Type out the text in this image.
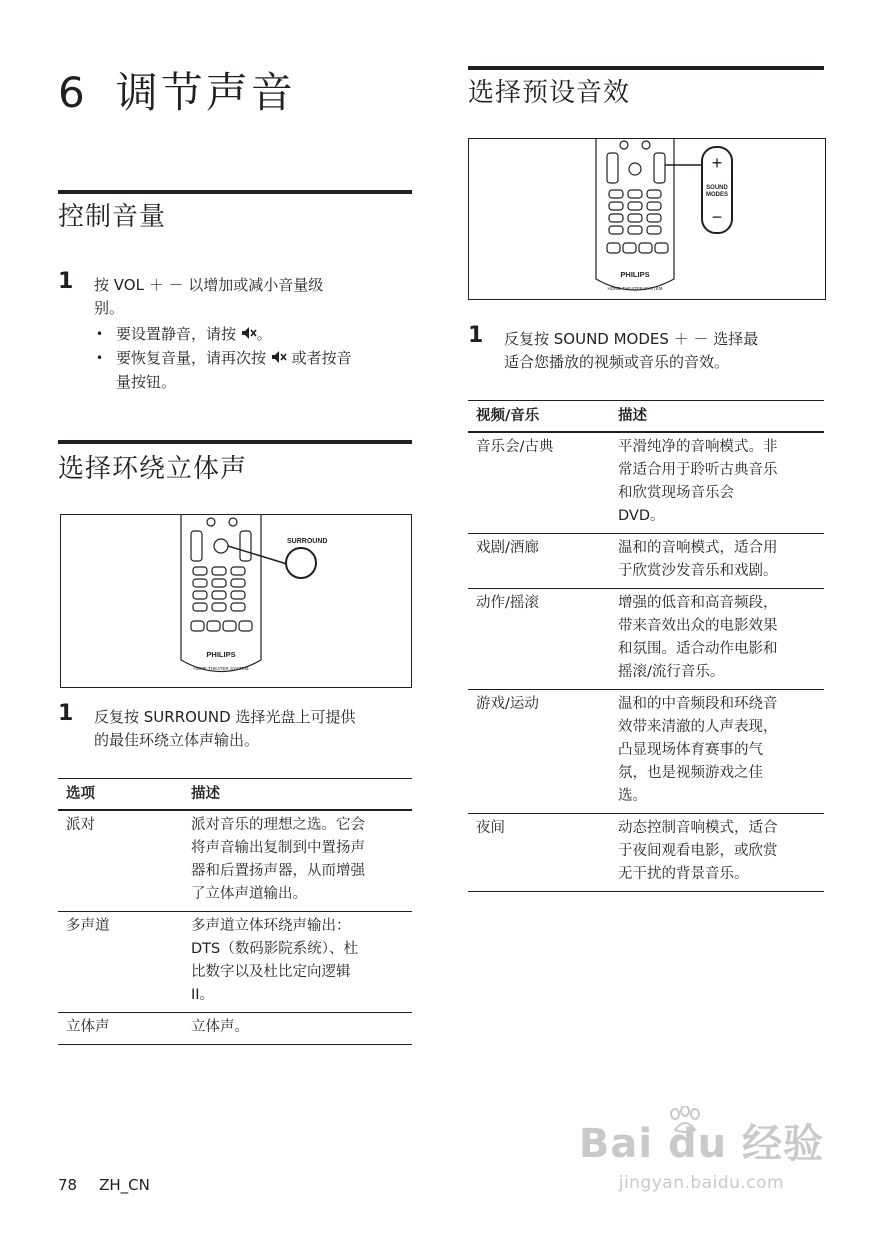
6 调节声音
控制音量
1 按 VOL ＋ － 以增加或减小音量级
别。
• 要设置静音，请按 。
• 要恢复音量，请再次按 或者按音
量按钮。
选择环绕立体声
SURROUND
PHILIPS
HOME THEATER SYSTEM
1 反复按 SURROUND 选择光盘上可提供
的最佳环绕立体声输出。
选项	描述
派对	派对音乐的理想之选。它会
将声音输出复制到中置扬声
器和后置扬声器，从而增强
了立体声道输出。

多声道	多声道立体环绕声输出：
DTS（数码影院系统）、杜
比数字以及杜比定向逻辑
II。

立体声	立体声。
选择预设音效
+
SOUND
MODES
−
PHILIPS
HOME THEATER SYSTEM
1 反复按 SOUND MODES ＋ － 选择最
适合您播放的视频或音乐的音效。
视频/音乐	描述
音乐会/古典	平滑纯净的音响模式。非
常适合用于聆听古典音乐
和欣赏现场音乐会
DVD。

戏剧/酒廊	温和的音响模式，适合用
于欣赏沙发音乐和戏剧。

动作/摇滚	增强的低音和高音频段，
带来音效出众的电影效果
和氛围。适合动作电影和
摇滚/流行音乐。

游戏/运动	温和的中音频段和环绕音
效带来清澈的人声表现，
凸显现场体育赛事的气
氛，也是视频游戏之佳
选。

夜间	动态控制音响模式，适合
于夜间观看电影，或欣赏
无干扰的背景音乐。
78 ZH_CN
Bai du 经验
jingyan.baidu.com
